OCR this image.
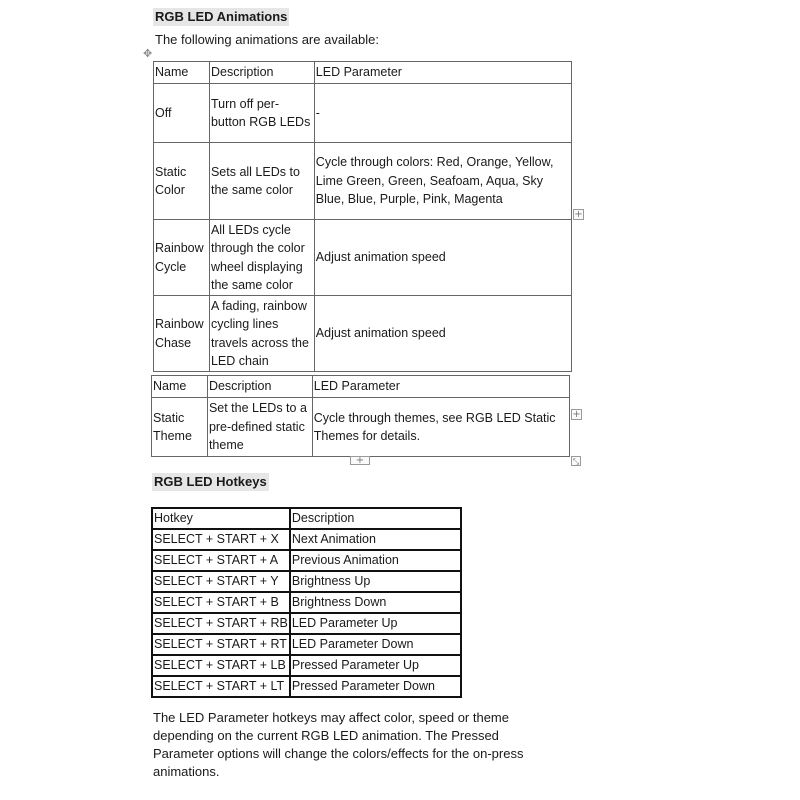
RGB LED Animations
The following animations are available:
✥
Name	Description	LED Parameter
Off	Turn off per-button RGB LEDs	-
Static Color	Sets all LEDs to the same color	Cycle through colors: Red, Orange, Yellow, Lime Green, Green, Seafoam, Aqua, Sky Blue, Blue, Purple, Pink, Magenta
Rainbow Cycle	All LEDs cycle through the color wheel displaying the same color	Adjust animation speed
Rainbow Chase	A fading, rainbow cycling lines travels across the LED chain	Adjust animation speed
+
Name	Description	LED Parameter
Static Theme	Set the LEDs to a pre-defined static theme	Cycle through themes, see RGB LED Static Themes for details.
+
+	⤡
RGB LED Hotkeys
Hotkey	Description
SELECT + START + X	Next Animation
SELECT + START + A	Previous Animation
SELECT + START + Y	Brightness Up
SELECT + START + B	Brightness Down
SELECT + START + RB	LED Parameter Up
SELECT + START + RT	LED Parameter Down
SELECT + START + LB	Pressed Parameter Up
SELECT + START + LT	Pressed Parameter Down
The LED Parameter hotkeys may affect color, speed or theme depending on the current RGB LED animation. The Pressed Parameter options will change the colors/effects for the on-press animations.
